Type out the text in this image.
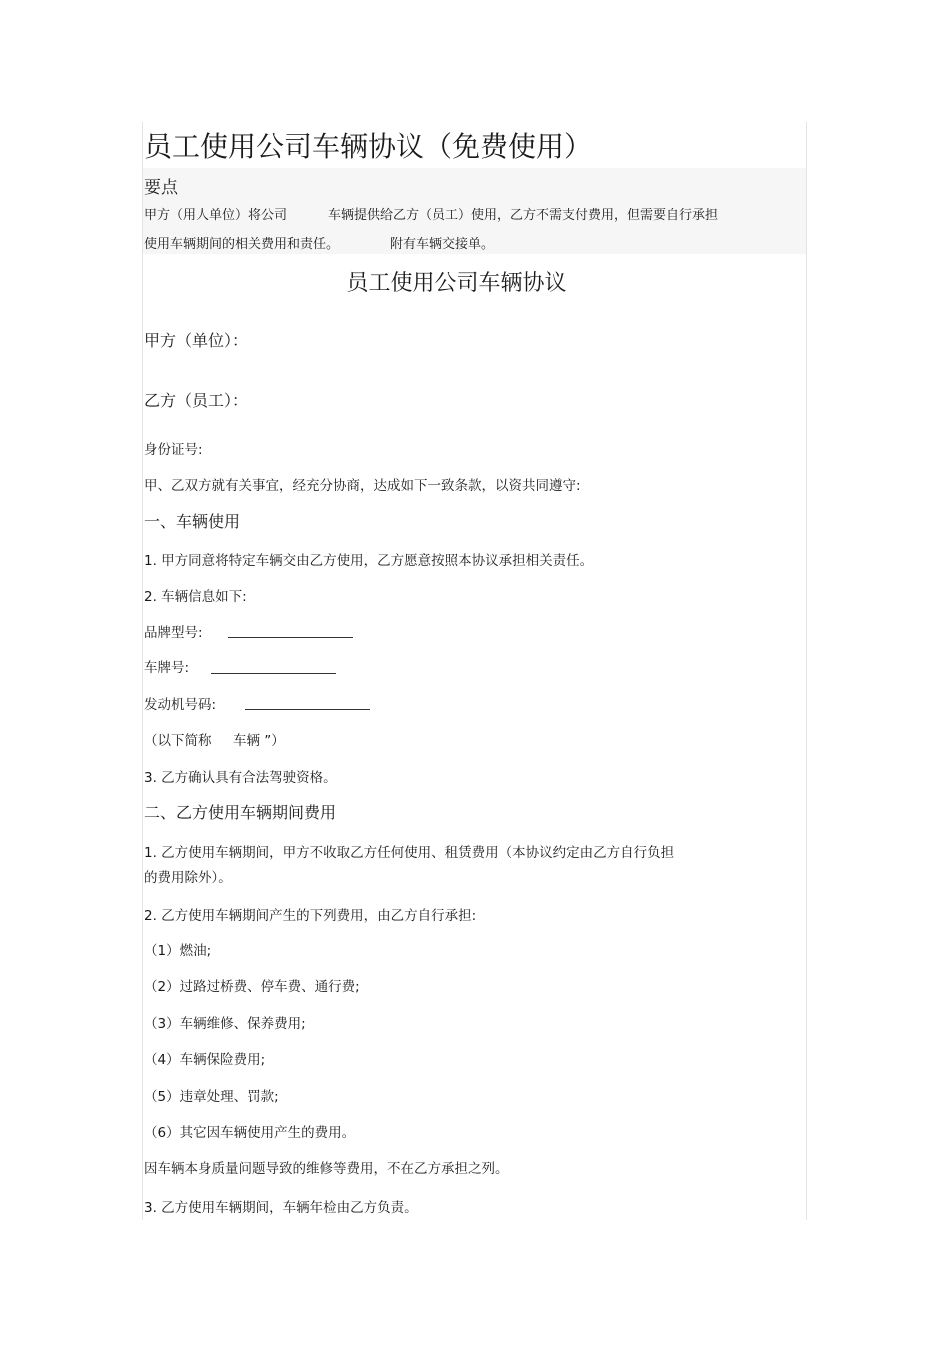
员工使用公司车辆协议（免费使用）
要点
甲方（用人单位）将公司	车辆提供给乙方（员工）使用，乙方不需支付费用，但需要自行承担
使用车辆期间的相关费用和责任。	附有车辆交接单。
员工使用公司车辆协议
甲方（单位）：
乙方（员工）：
身份证号:
甲、乙双方就有关事宜，经充分协商，达成如下一致条款，以资共同遵守:
一、车辆使用
1. 甲方同意将特定车辆交由乙方使用，乙方愿意按照本协议承担相关责任。
2. 车辆信息如下:
品牌型号:
车牌号:
发动机号码:
（以下简称 车辆 ”）
3. 乙方确认具有合法驾驶资格。
二、乙方使用车辆期间费用
1. 乙方使用车辆期间，甲方不收取乙方任何使用、租赁费用（本协议约定由乙方自行负担
的费用除外）。
2. 乙方使用车辆期间产生的下列费用，由乙方自行承担:
（1）燃油;
（2）过路过桥费、停车费、通行费;
（3）车辆维修、保养费用;
（4）车辆保险费用;
（5）违章处理、罚款;
（6）其它因车辆使用产生的费用。
因车辆本身质量问题导致的维修等费用，不在乙方承担之列。
3. 乙方使用车辆期间，车辆年检由乙方负责。
